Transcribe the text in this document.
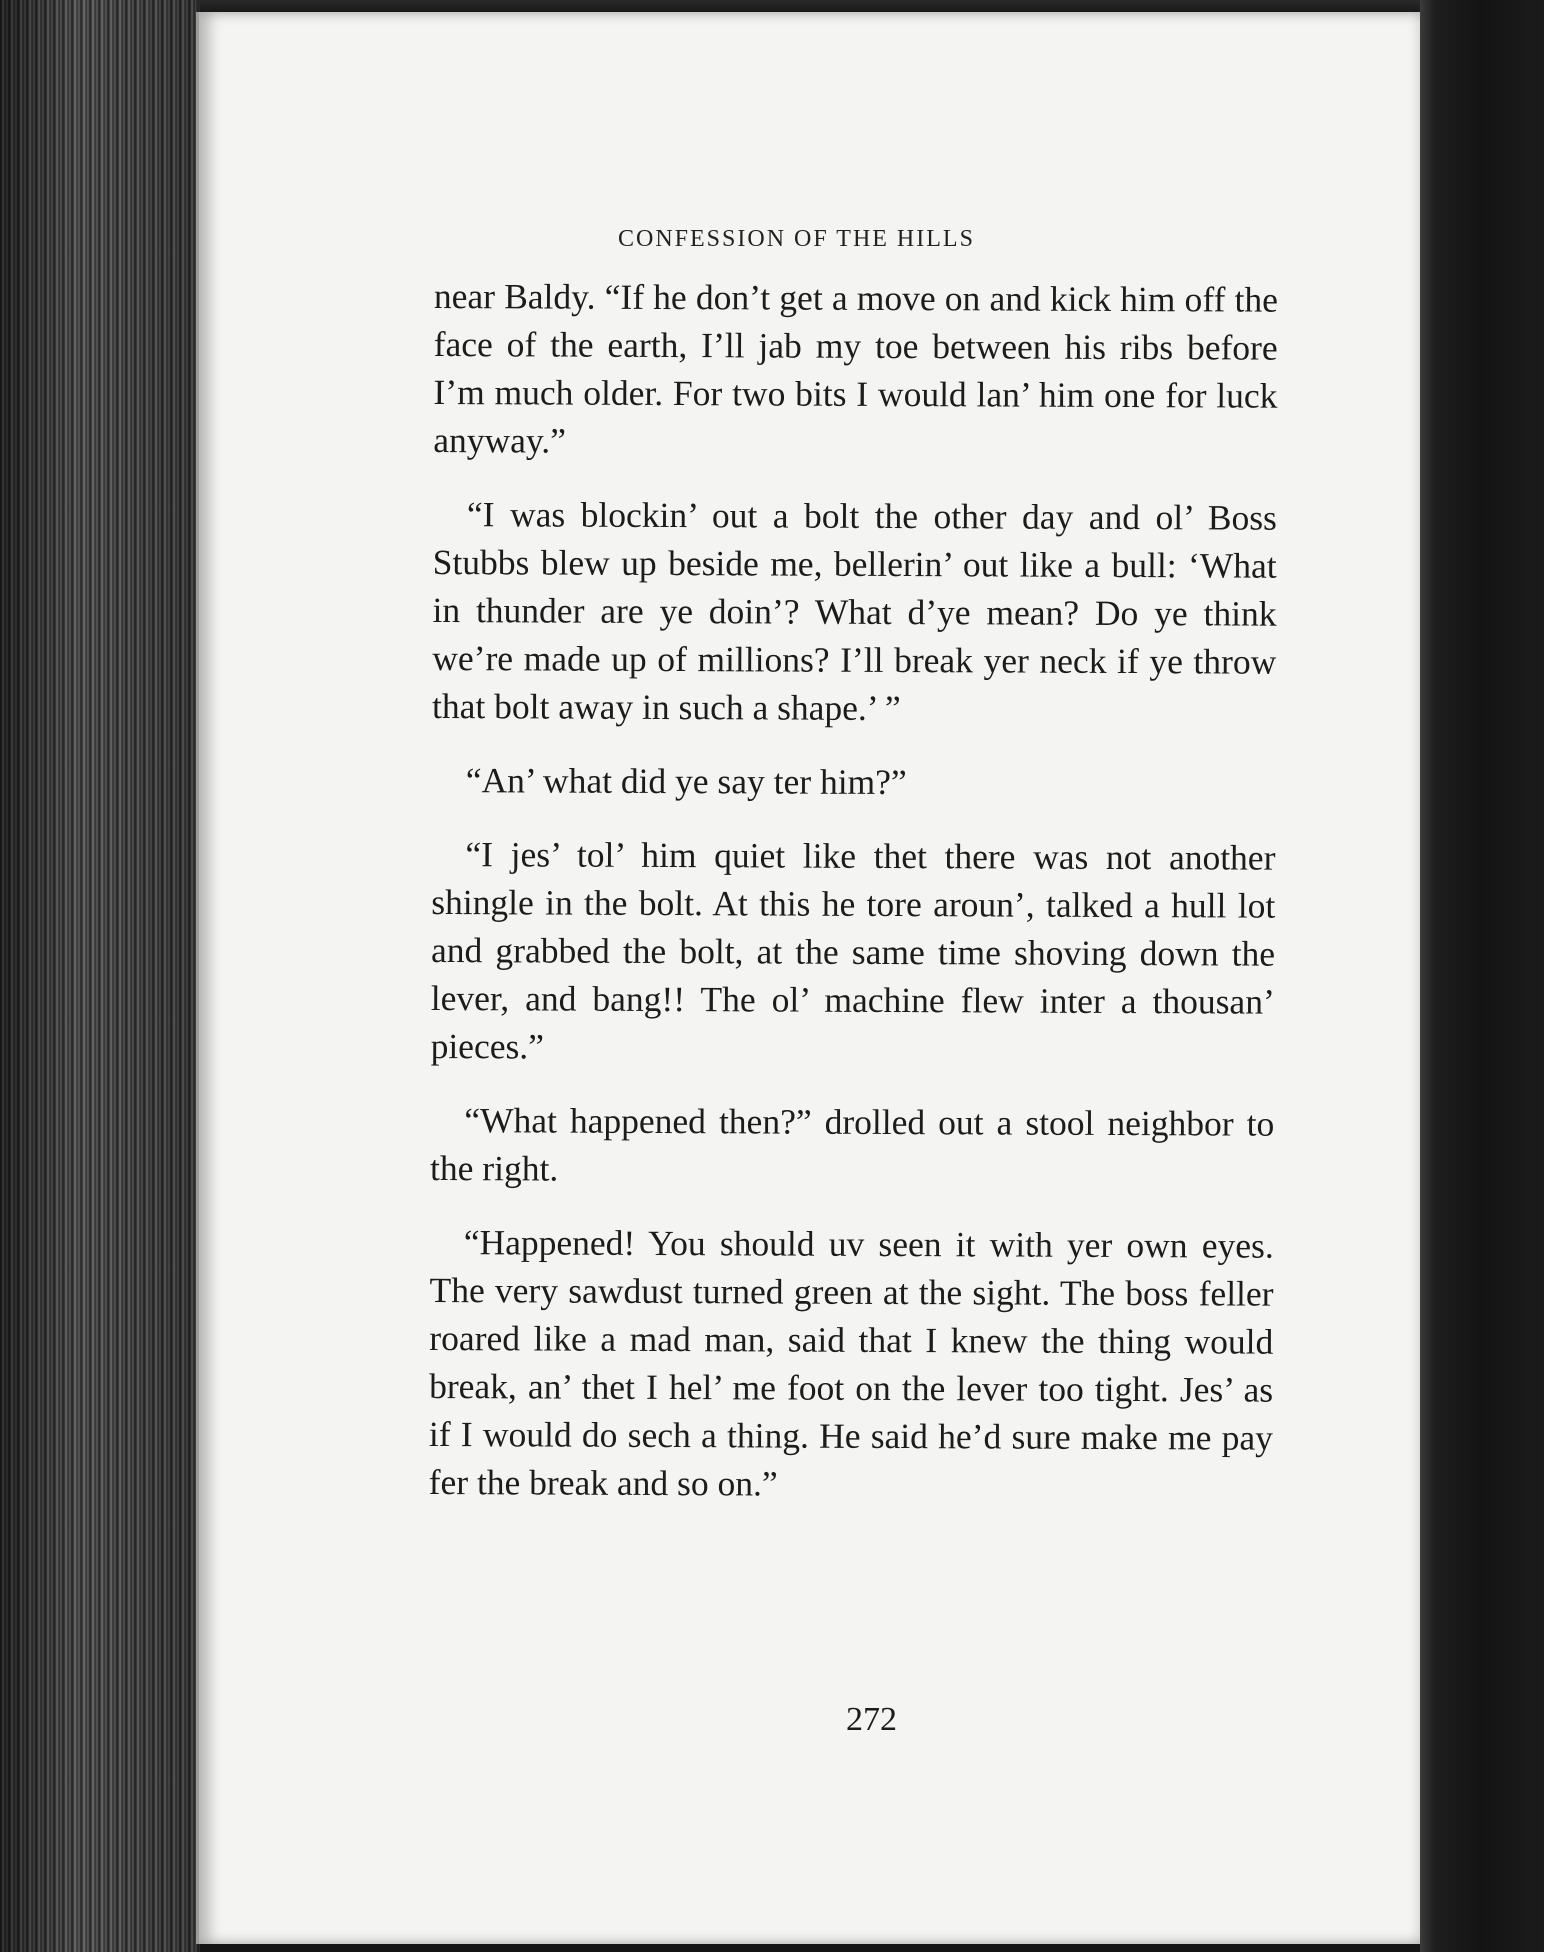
CONFESSION OF THE HILLS

near Baldy. “If he don’t get a move on and kick him off the face of the earth, I’ll jab my toe between his ribs before I’m much older. For two bits I would lan’ him one for luck anyway.”

“I was blockin’ out a bolt the other day and ol’ Boss Stubbs blew up beside me, bellerin’ out like a bull: ‘What in thunder are ye doin’? What d’ye mean? Do ye think we’re made up of millions? I’ll break yer neck if ye throw that bolt away in such a shape.’ ”

“An’ what did ye say ter him?”

“I jes’ tol’ him quiet like thet there was not another shingle in the bolt. At this he tore aroun’, talked a hull lot and grabbed the bolt, at the same time shoving down the lever, and bang!! The ol’ machine flew inter a thousan’ pieces.”

“What happened then?” drolled out a stool neighbor to the right.

“Happened! You should uv seen it with yer own eyes. The very sawdust turned green at the sight. The boss feller roared like a mad man, said that I knew the thing would break, an’ thet I hel’ me foot on the lever too tight. Jes’ as if I would do sech a thing. He said he’d sure make me pay fer the break and so on.”

272
